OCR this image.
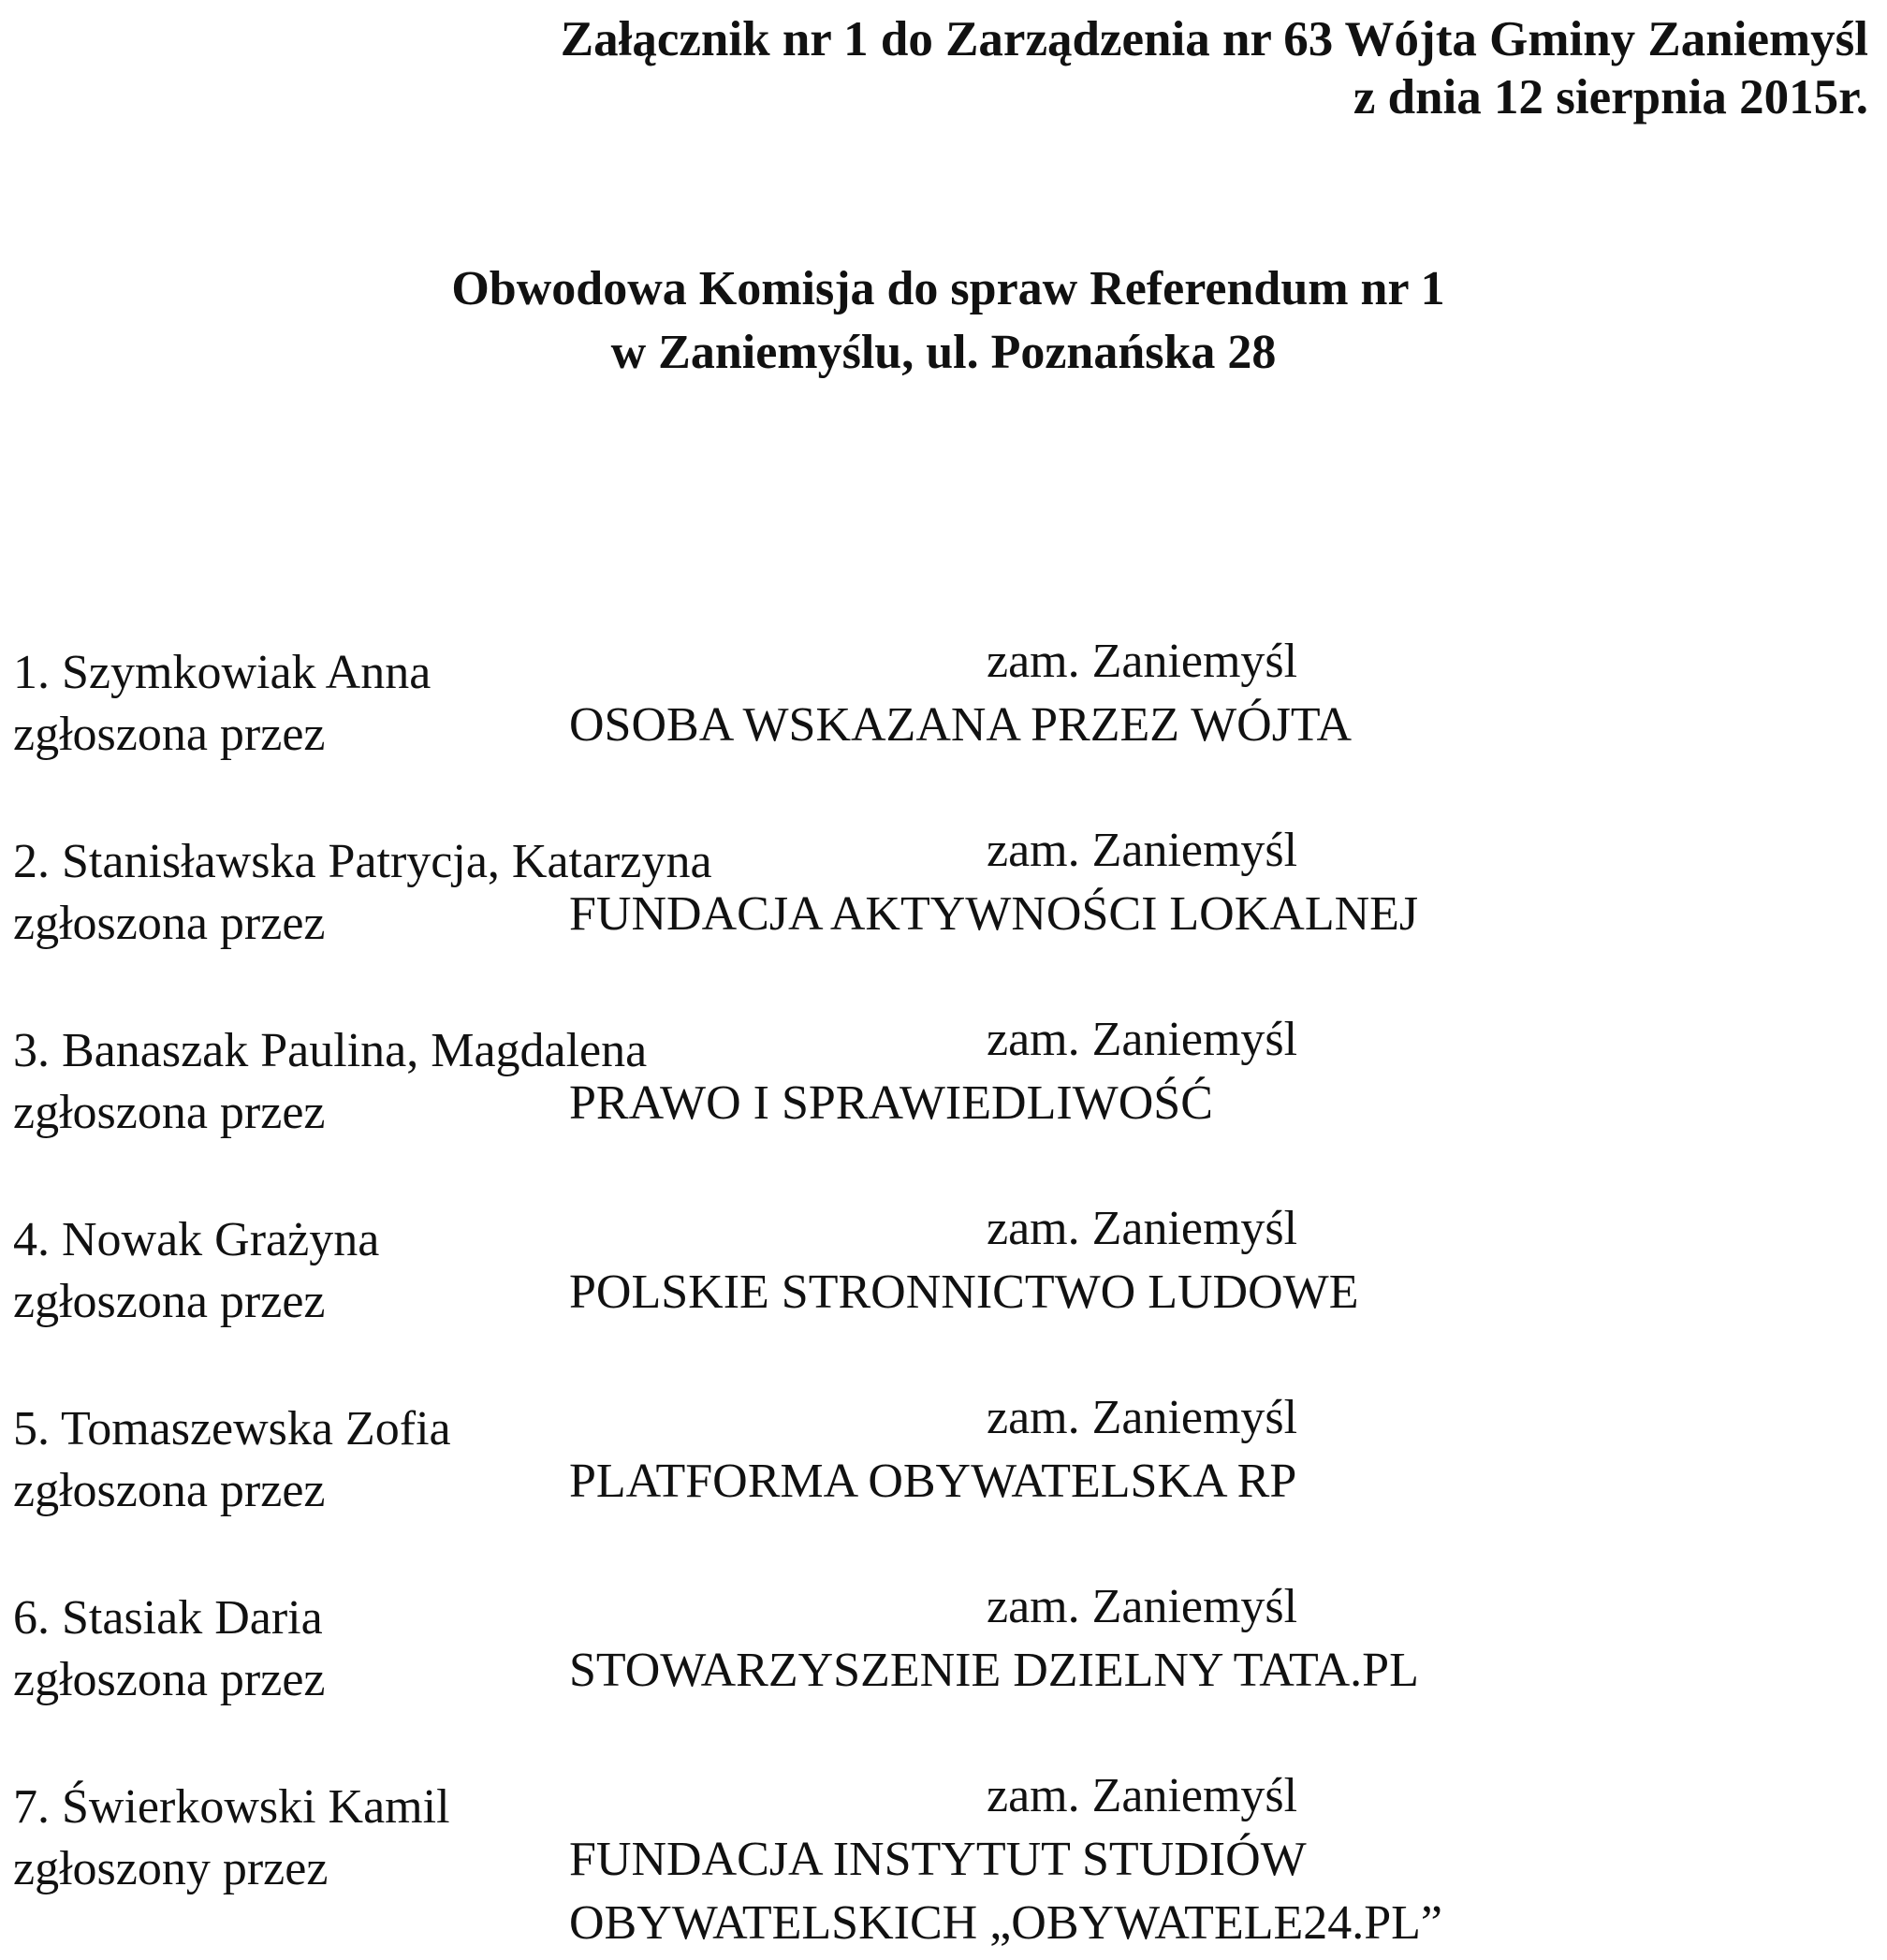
Załącznik nr 1 do Zarządzenia nr 63 Wójta Gminy Zaniemyśl
z dnia 12 sierpnia 2015r.
Obwodowa Komisja do spraw Referendum nr 1
w Zaniemyślu, ul. Poznańska 28
1. Szymkowiak Anna	zam. Zaniemyśl
zgłoszona przez	OSOBA WSKAZANA PRZEZ WÓJTA
2. Stanisławska Patrycja, Katarzyna	zam. Zaniemyśl
zgłoszona przez	FUNDACJA AKTYWNOŚCI LOKALNEJ
3. Banaszak Paulina, Magdalena	zam. Zaniemyśl
zgłoszona przez	PRAWO I SPRAWIEDLIWOŚĆ
4. Nowak Grażyna	zam. Zaniemyśl
zgłoszona przez	POLSKIE STRONNICTWO LUDOWE
5. Tomaszewska Zofia	zam. Zaniemyśl
zgłoszona przez	PLATFORMA OBYWATELSKA RP
6. Stasiak Daria	zam. Zaniemyśl
zgłoszona przez	STOWARZYSZENIE DZIELNY TATA.PL
7. Świerkowski Kamil	zam. Zaniemyśl
zgłoszony przez	FUNDACJA INSTYTUT STUDIÓW
OBYWATELSKICH „OBYWATELE24.PL”
